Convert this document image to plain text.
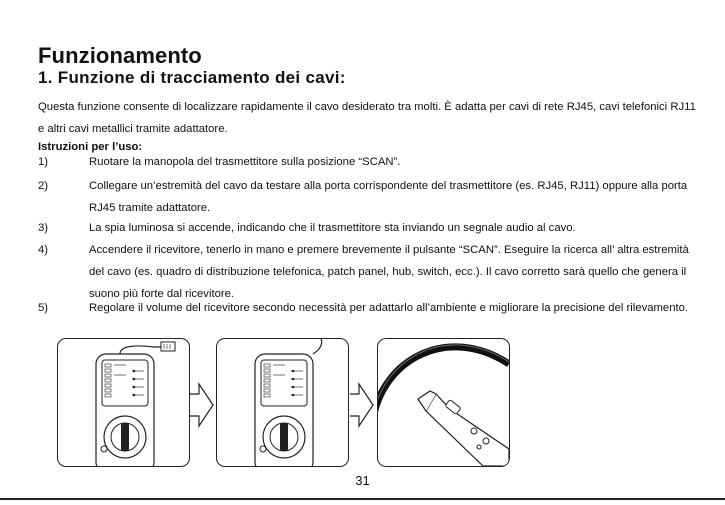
Funzionamento
1. Funzione di tracciamento dei cavi:

Questa funzione consente di localizzare rapidamente il cavo desiderato tra molti. È adatta per cavi di rete RJ45, cavi telefonici RJ11 e altri cavi metallici tramite adattatore.

Istruzioni per l’uso:

1)	Ruotare la manopola del trasmettitore sulla posizione “SCAN”.
2)	Collegare un’estremità del cavo da testare alla porta corrispondente del trasmettitore (es. RJ45, RJ11) oppure alla porta RJ45 tramite adattatore.
3)	La spia luminosa si accende, indicando che il trasmettitore sta inviando un segnale audio al cavo.
4)	Accendere il ricevitore, tenerlo in mano e premere brevemente il pulsante “SCAN”. Eseguire la ricerca all’ altra estremità del cavo (es. quadro di distribuzione telefonica, patch panel, hub, switch, ecc.). Il cavo corretto sarà quello che genera il suono più forte dal ricevitore.
5)	Regolare il volume del ricevitore secondo necessità per adattarlo all’ambiente e migliorare la precisione del rilevamento.
31
